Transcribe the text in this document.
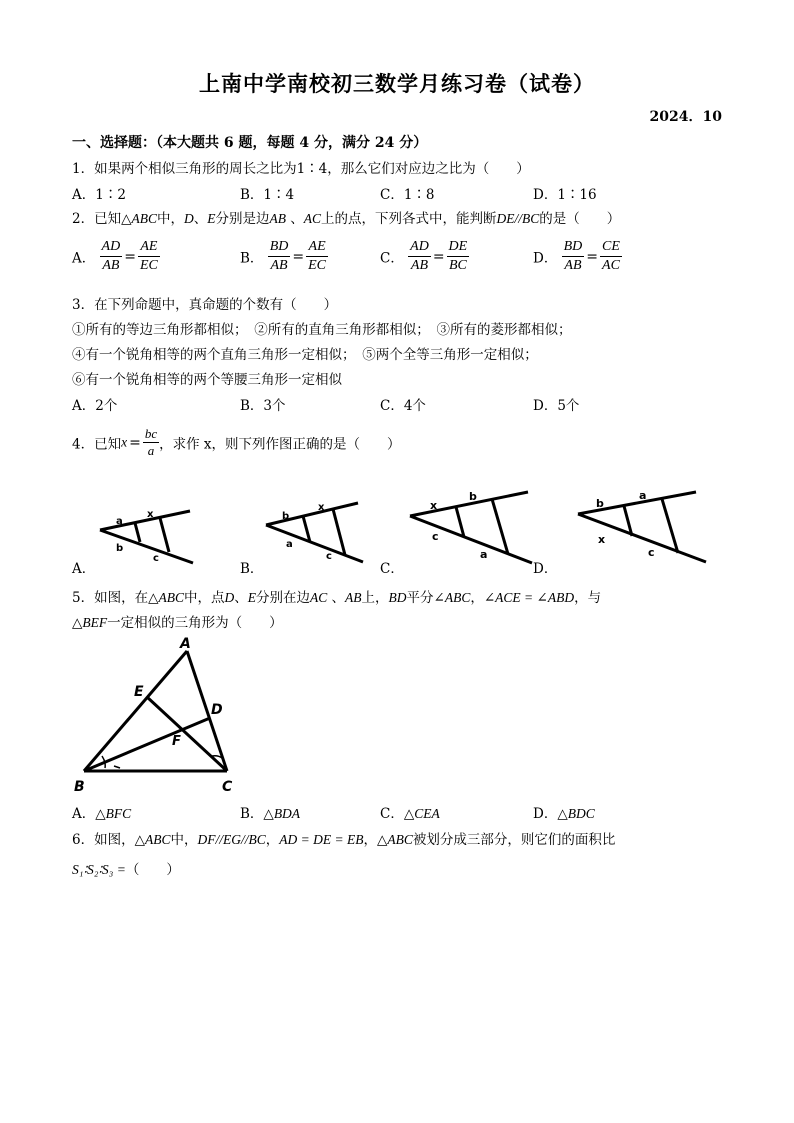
上南中学南校初三数学月练习卷（试卷）
2024．10
一、选择题：（本大题共 6 题，每题 4 分，满分 24 分）
1．如果两个相似三角形的周长之比为1∶4，那么它们对应边之比为（　　）
A．1∶2	B．1∶4	C．1∶8	D．1∶16
2．已知△ABC中，D、E分别是边AB 、AC上的点，下列各式中，能判断DE//BC的是（　　）
A． $\frac{AD}{AB} = \frac{AE}{EC}$	B． $\frac{BD}{AB} = \frac{AE}{EC}$	C． $\frac{AD}{AB} = \frac{DE}{BC}$	D． $\frac{BD}{AB} = \frac{CE}{AC}$
3．在下列命题中，真命题的个数有（　　）
①所有的等边三角形都相似；　②所有的直角三角形都相似；　③所有的菱形都相似；
④有一个锐角相等的两个直角三角形一定相似；　⑤两个全等三角形一定相似；
⑥有一个锐角相等的两个等腰三角形一定相似
A．2个	B．3个	C．4个	D．5个
4．已知$x = \frac{bc}{a}$ ，求作 x，则下列作图正确的是（　　）
a
x
b
c
b
x
a
c
x
b
c
a
b
a
x
c
A．	B．	C．	D．
5．如图，在△ABC中，点D、E分别在边AC 、AB上，BD平分∠ABC，∠ACE = ∠ABD，与
△BEF一定相似的三角形为（　　）
A
B	C
D
E
F
A．△BFC	B．△BDA	C．△CEA	D．△BDC
6．如图，△ABC中，DF//EG//BC，AD = DE = EB，△ABC被划分成三部分，则它们的面积比
S₁∶S₂∶S₃ =（　　）
